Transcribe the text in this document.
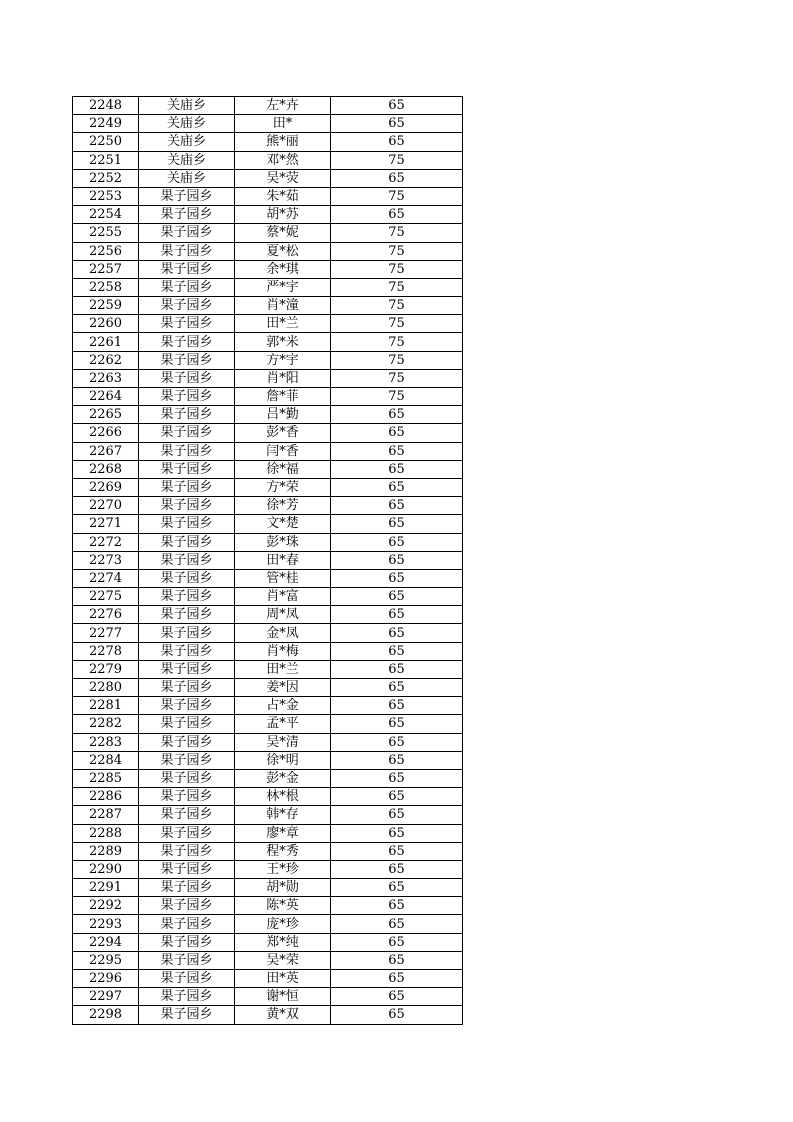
2248	关庙乡	左*卉	65
2249	关庙乡	田*	65
2250	关庙乡	熊*丽	65
2251	关庙乡	邓*然	75
2252	关庙乡	吴*荧	65
2253	果子园乡	朱*茹	75
2254	果子园乡	胡*苏	65
2255	果子园乡	蔡*妮	75
2256	果子园乡	夏*松	75
2257	果子园乡	余*琪	75
2258	果子园乡	严*宇	75
2259	果子园乡	肖*潼	75
2260	果子园乡	田*兰	75
2261	果子园乡	郭*米	75
2262	果子园乡	方*宇	75
2263	果子园乡	肖*阳	75
2264	果子园乡	詹*菲	75
2265	果子园乡	吕*勤	65
2266	果子园乡	彭*香	65
2267	果子园乡	闫*香	65
2268	果子园乡	徐*福	65
2269	果子园乡	方*荣	65
2270	果子园乡	徐*芳	65
2271	果子园乡	文*楚	65
2272	果子园乡	彭*珠	65
2273	果子园乡	田*春	65
2274	果子园乡	管*桂	65
2275	果子园乡	肖*富	65
2276	果子园乡	周*凤	65
2277	果子园乡	金*凤	65
2278	果子园乡	肖*梅	65
2279	果子园乡	田*兰	65
2280	果子园乡	姜*因	65
2281	果子园乡	占*金	65
2282	果子园乡	孟*平	65
2283	果子园乡	吴*清	65
2284	果子园乡	徐*明	65
2285	果子园乡	彭*金	65
2286	果子园乡	林*根	65
2287	果子园乡	韩*存	65
2288	果子园乡	廖*章	65
2289	果子园乡	程*秀	65
2290	果子园乡	王*珍	65
2291	果子园乡	胡*勋	65
2292	果子园乡	陈*英	65
2293	果子园乡	庞*珍	65
2294	果子园乡	郑*纯	65
2295	果子园乡	吴*荣	65
2296	果子园乡	田*英	65
2297	果子园乡	谢*恒	65
2298	果子园乡	黄*双	65
